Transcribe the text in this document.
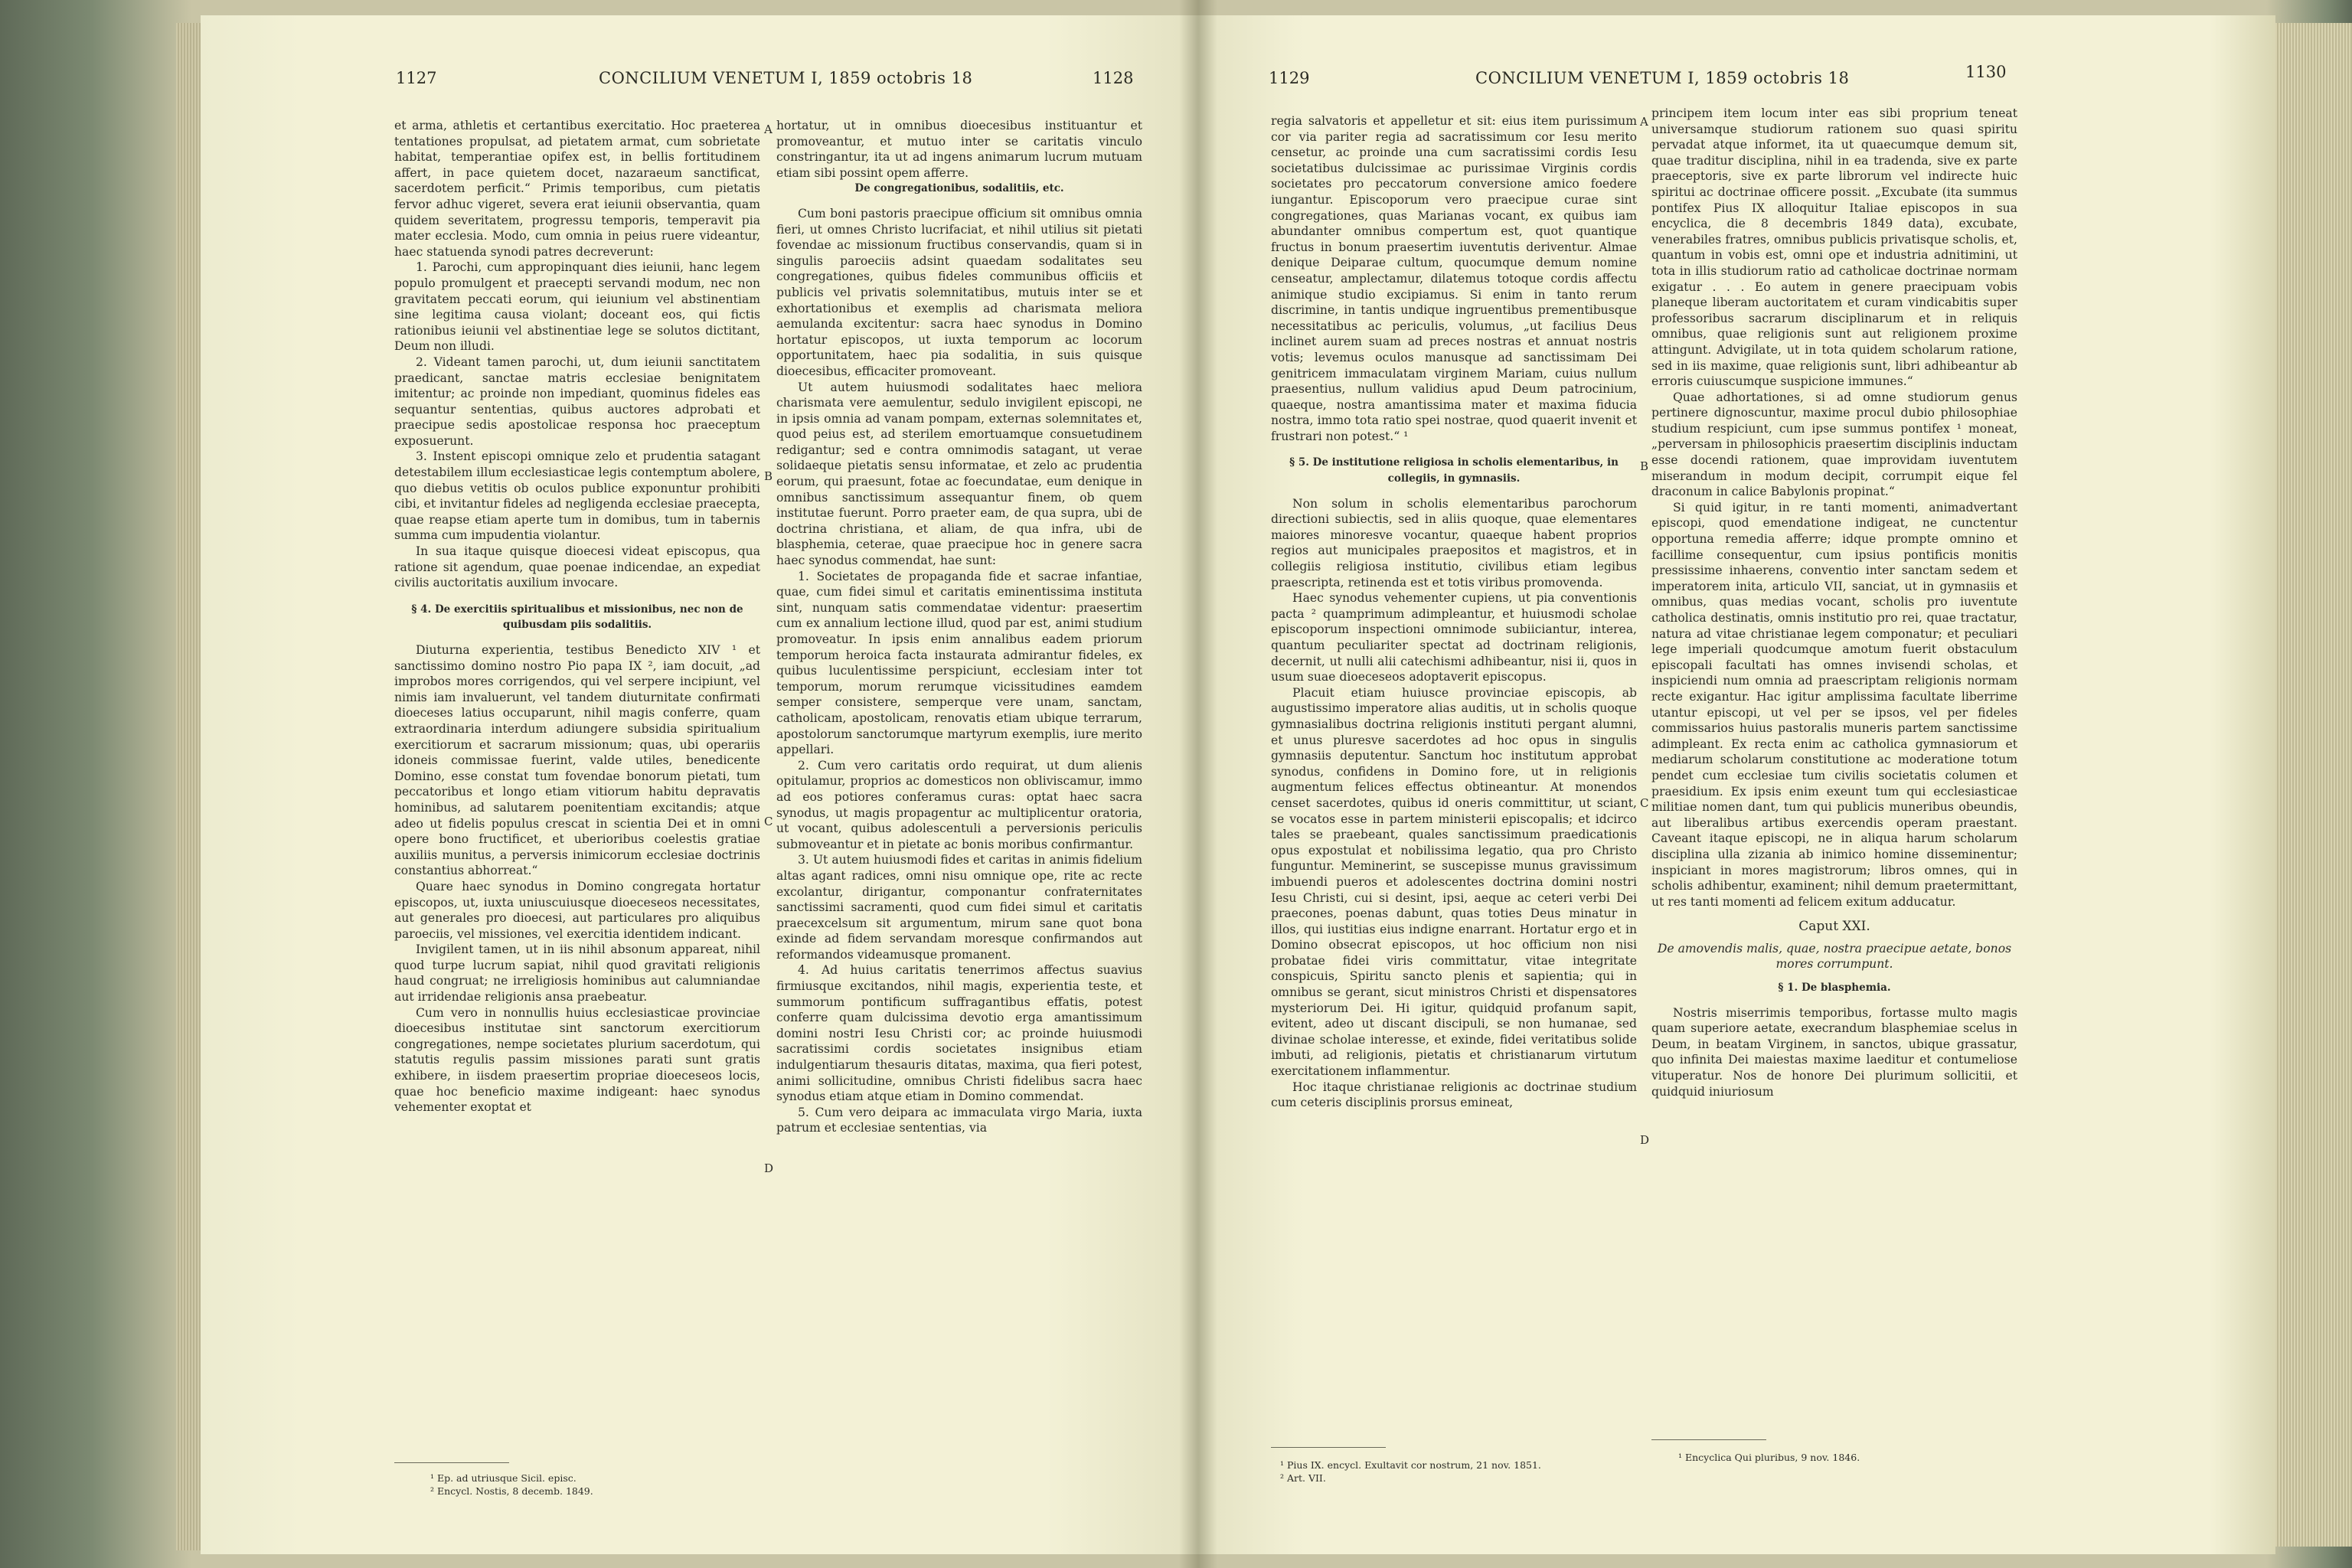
1127	CONCILIUM VENETUM I, 1859 octobris 18	1128

et arma, athletis et certantibus exercitatio. Hoc praeterea tentationes propulsat, ad pietatem armat, cum sobrietate habitat, temperantiae opifex est, in bellis fortitudinem affert, in pace quietem docet, nazaraeum sanctificat, sacerdotem perficit.“ Primis temporibus, cum pietatis fervor adhuc vigeret, severa erat ieiunii observantia, quam quidem severitatem, progressu temporis, temperavit pia mater ecclesia. Modo, cum omnia in peius ruere videantur, haec statuenda synodi patres decreverunt:

1. Parochi, cum appropinquant dies ieiunii, hanc legem populo promulgent et praecepti servandi modum, nec non gravitatem peccati eorum, qui ieiunium vel abstinentiam sine legitima causa violant; doceant eos, qui fictis rationibus ieiunii vel abstinentiae lege se solutos dictitant, Deum non illudi.

2. Videant tamen parochi, ut, dum ieiunii sanctitatem praedicant, sanctae matris ecclesiae benignitatem imitentur; ac proinde non impediant, quominus fideles eas sequantur sententias, quibus auctores adprobati et praecipue sedis apostolicae responsa hoc praeceptum exposuerunt.

3. Instent episcopi omnique zelo et prudentia satagant detestabilem illum ecclesiasticae legis contemptum abolere, quo diebus vetitis ob oculos publice exponuntur prohibiti cibi, et invitantur fideles ad negligenda ecclesiae praecepta, quae reapse etiam aperte tum in domibus, tum in tabernis summa cum impudentia violantur.

In sua itaque quisque dioecesi videat episcopus, qua ratione sit agendum, quae poenae indicendae, an expediat civilis auctoritatis auxilium invocare.

§ 4. De exercitiis spiritualibus et missionibus, nec non de quibusdam piis sodalitiis.

Diuturna experientia, testibus Benedicto XIV ¹ et sanctissimo domino nostro Pio papa IX ², iam docuit, „ad improbos mores corrigendos, qui vel serpere incipiunt, vel nimis iam invaluerunt, vel tandem diuturnitate confirmati dioeceses latius occuparunt, nihil magis conferre, quam extraordinaria interdum adiungere subsidia spiritualium exercitiorum et sacrarum missionum; quas, ubi operariis idoneis commissae fuerint, valde utiles, benedicente Domino, esse constat tum fovendae bonorum pietati, tum peccatoribus et longo etiam vitiorum habitu depravatis hominibus, ad salutarem poenitentiam excitandis; atque adeo ut fidelis populus crescat in scientia Dei et in omni opere bono fructificet, et uberioribus coelestis gratiae auxiliis munitus, a perversis inimicorum ecclesiae doctrinis constantius abhorreat.“

Quare haec synodus in Domino congregata hortatur episcopos, ut, iuxta uniuscuiusque dioeceseos necessitates, aut generales pro dioecesi, aut particulares pro aliquibus paroeciis, vel missiones, vel exercitia identidem indicant.

Invigilent tamen, ut in iis nihil absonum appareat, nihil quod turpe lucrum sapiat, nihil quod gravitati religionis haud congruat; ne irreligiosis hominibus aut calumniandae aut irridendae religionis ansa praebeatur.

Cum vero in nonnullis huius ecclesiasticae provinciae dioecesibus institutae sint sanctorum exercitiorum congregationes, nempe societates plurium sacerdotum, qui statutis regulis passim missiones parati sunt gratis exhibere, in iisdem praesertim propriae dioeceseos locis, quae hoc beneficio maxime indigeant: haec synodus vehementer exoptat et

hortatur, ut in omnibus dioecesibus instituantur et promoveantur, et mutuo inter se caritatis vinculo constringantur, ita ut ad ingens animarum lucrum mutuam etiam sibi possint opem afferre.

De congregationibus, sodalitiis, etc.

Cum boni pastoris praecipue officium sit omnibus omnia fieri, ut omnes Christo lucrifaciat, et nihil utilius sit pietati fovendae ac missionum fructibus conservandis, quam si in singulis paroeciis adsint quaedam sodalitates seu congregationes, quibus fideles communibus officiis et publicis vel privatis solemnitatibus, mutuis inter se et exhortationibus et exemplis ad charismata meliora aemulanda excitentur: sacra haec synodus in Domino hortatur episcopos, ut iuxta temporum ac locorum opportunitatem, haec pia sodalitia, in suis quisque dioecesibus, efficaciter promoveant.

Ut autem huiusmodi sodalitates haec meliora charismata vere aemulentur, sedulo invigilent episcopi, ne in ipsis omnia ad vanam pompam, externas solemnitates et, quod peius est, ad sterilem emortuamque consuetudinem redigantur; sed e contra omnimodis satagant, ut verae solidaeque pietatis sensu informatae, et zelo ac prudentia eorum, qui praesunt, fotae ac foecundatae, eum denique in omnibus sanctissimum assequantur finem, ob quem institutae fuerunt. Porro praeter eam, de qua supra, ubi de doctrina christiana, et aliam, de qua infra, ubi de blasphemia, ceterae, quae praecipue hoc in genere sacra haec synodus commendat, hae sunt:

1. Societates de propaganda fide et sacrae infantiae, quae, cum fidei simul et caritatis eminentissima instituta sint, nunquam satis commendatae videntur: praesertim cum ex annalium lectione illud, quod par est, animi studium promoveatur. In ipsis enim annalibus eadem priorum temporum heroica facta instaurata admirantur fideles, ex quibus luculentissime perspiciunt, ecclesiam inter tot temporum, morum rerumque vicissitudines eamdem semper consistere, semperque vere unam, sanctam, catholicam, apostolicam, renovatis etiam ubique terrarum, apostolorum sanctorumque martyrum exemplis, iure merito appellari.

2. Cum vero caritatis ordo requirat, ut dum alienis opitulamur, proprios ac domesticos non obliviscamur, immo ad eos potiores conferamus curas: optat haec sacra synodus, ut magis propagentur ac multiplicentur oratoria, ut vocant, quibus adolescentuli a perversionis periculis submoveantur et in pietate ac bonis moribus confirmantur.

3. Ut autem huiusmodi fides et caritas in animis fidelium altas agant radices, omni nisu omnique ope, rite ac recte excolantur, dirigantur, componantur confraternitates sanctissimi sacramenti, quod cum fidei simul et caritatis praecexcelsum sit argumentum, mirum sane quot bona exinde ad fidem servandam moresque confirmandos aut reformandos videamusque promanent.

4. Ad huius caritatis tenerrimos affectus suavius firmiusque excitandos, nihil magis, experientia teste, et summorum pontificum suffragantibus effatis, potest conferre quam dulcissima devotio erga amantissimum domini nostri Iesu Christi cor; ac proinde huiusmodi sacratissimi cordis societates insignibus etiam indulgentiarum thesauris ditatas, maxima, qua fieri potest, animi sollicitudine, omnibus Christi fidelibus sacra haec synodus etiam atque etiam in Domino commendat.

5. Cum vero deipara ac immaculata virgo Maria, iuxta patrum et ecclesiae sententias, via

A
B
C
D
¹ Ep. ad utriusque Sicil. episc.
² Encycl. Nostis, 8 decemb. 1849.
1129	CONCILIUM VENETUM I, 1859 octobris 18	1130

regia salvatoris et appelletur et sit: eius item purissimum cor via pariter regia ad sacratissimum cor Iesu merito censetur, ac proinde una cum sacratissimi cordis Iesu societatibus dulcissimae ac purissimae Virginis cordis societates pro peccatorum conversione amico foedere iungantur. Episcoporum vero praecipue curae sint congregationes, quas Marianas vocant, ex quibus iam abundanter omnibus compertum est, quot quantique fructus in bonum praesertim iuventutis deriventur. Almae denique Deiparae cultum, quocumque demum nomine censeatur, amplectamur, dilatemus totoque cordis affectu animique studio excipiamus. Si enim in tanto rerum discrimine, in tantis undique ingruentibus prementibusque necessitatibus ac periculis, volumus, „ut facilius Deus inclinet aurem suam ad preces nostras et annuat nostris votis; levemus oculos manusque ad sanctissimam Dei genitricem immaculatam virginem Mariam, cuius nullum praesentius, nullum validius apud Deum patrocinium, quaeque, nostra amantissima mater et maxima fiducia nostra, immo tota ratio spei nostrae, quod quaerit invenit et frustrari non potest.“ ¹

§ 5. De institutione religiosa in scholis elementaribus, in collegiis, in gymnasiis.

Non solum in scholis elementaribus parochorum directioni subiectis, sed in aliis quoque, quae elementares maiores minoresve vocantur, quaeque habent proprios regios aut municipales praepositos et magistros, et in collegiis religiosa institutio, civilibus etiam legibus praescripta, retinenda est et totis viribus promovenda.

Haec synodus vehementer cupiens, ut pia conventionis pacta ² quamprimum adimpleantur, et huiusmodi scholae episcoporum inspectioni omnimode subiiciantur, interea, quantum peculiariter spectat ad doctrinam religionis, decernit, ut nulli alii catechismi adhibeantur, nisi ii, quos in usum suae dioeceseos adoptaverit episcopus.

Placuit etiam huiusce provinciae episcopis, ab augustissimo imperatore alias auditis, ut in scholis quoque gymnasialibus doctrina religionis instituti pergant alumni, et unus pluresve sacerdotes ad hoc opus in singulis gymnasiis deputentur. Sanctum hoc institutum approbat synodus, confidens in Domino fore, ut in religionis augmentum felices effectus obtineantur. At monendos censet sacerdotes, quibus id oneris committitur, ut sciant, se vocatos esse in partem ministerii episcopalis; et idcirco tales se praebeant, quales sanctissimum praedicationis opus expostulat et nobilissima legatio, qua pro Christo funguntur. Meminerint, se suscepisse munus gravissimum imbuendi pueros et adolescentes doctrina domini nostri Iesu Christi, cui si desint, ipsi, aeque ac ceteri verbi Dei praecones, poenas dabunt, quas toties Deus minatur in illos, qui iustitias eius indigne enarrant. Hortatur ergo et in Domino obsecrat episcopos, ut hoc officium non nisi probatae fidei viris committatur, vitae integritate conspicuis, Spiritu sancto plenis et sapientia; qui in omnibus se gerant, sicut ministros Christi et dispensatores mysteriorum Dei. Hi igitur, quidquid profanum sapit, evitent, adeo ut discant discipuli, se non humanae, sed divinae scholae interesse, et exinde, fidei veritatibus solide imbuti, ad religionis, pietatis et christianarum virtutum exercitationem inflammentur.

Hoc itaque christianae religionis ac doctrinae studium cum ceteris disciplinis prorsus emineat,

principem item locum inter eas sibi proprium teneat universamque studiorum rationem suo quasi spiritu pervadat atque informet, ita ut quaecumque demum sit, quae traditur disciplina, nihil in ea tradenda, sive ex parte praeceptoris, sive ex parte librorum vel indirecte huic spiritui ac doctrinae officere possit. „Excubate (ita summus pontifex Pius IX alloquitur Italiae episcopos in sua encyclica, die 8 decembris 1849 data), excubate, venerabiles fratres, omnibus publicis privatisque scholis, et, quantum in vobis est, omni ope et industria adnitimini, ut tota in illis studiorum ratio ad catholicae doctrinae normam exigatur . . . Eo autem in genere praecipuam vobis planeque liberam auctoritatem et curam vindicabitis super professoribus sacrarum disciplinarum et in reliquis omnibus, quae religionis sunt aut religionem proxime attingunt. Advigilate, ut in tota quidem scholarum ratione, sed in iis maxime, quae religionis sunt, libri adhibeantur ab erroris cuiuscumque suspicione immunes.“

Quae adhortationes, si ad omne studiorum genus pertinere dignoscuntur, maxime procul dubio philosophiae studium respiciunt, cum ipse summus pontifex ¹ moneat, „perversam in philosophicis praesertim disciplinis inductam esse docendi rationem, quae improvidam iuventutem miserandum in modum decipit, corrumpit eique fel draconum in calice Babylonis propinat.“

Si quid igitur, in re tanti momenti, animadvertant episcopi, quod emendatione indigeat, ne cunctentur opportuna remedia afferre; idque prompte omnino et facillime consequentur, cum ipsius pontificis monitis pressissime inhaerens, conventio inter sanctam sedem et imperatorem inita, articulo VII, sanciat, ut in gymnasiis et omnibus, quas medias vocant, scholis pro iuventute catholica destinatis, omnis institutio pro rei, quae tractatur, natura ad vitae christianae legem componatur; et peculiari lege imperiali quodcumque amotum fuerit obstaculum episcopali facultati has omnes invisendi scholas, et inspiciendi num omnia ad praescriptam religionis normam recte exigantur. Hac igitur amplissima facultate liberrime utantur episcopi, ut vel per se ipsos, vel per fideles commissarios huius pastoralis muneris partem sanctissime adimpleant. Ex recta enim ac catholica gymnasiorum et mediarum scholarum constitutione ac moderatione totum pendet cum ecclesiae tum civilis societatis columen et praesidium. Ex ipsis enim exeunt tum qui ecclesiasticae militiae nomen dant, tum qui publicis muneribus obeundis, aut liberalibus artibus exercendis operam praestant. Caveant itaque episcopi, ne in aliqua harum scholarum disciplina ulla zizania ab inimico homine disseminentur; inspiciant in mores magistrorum; libros omnes, qui in scholis adhibentur, examinent; nihil demum praetermittant, ut res tanti momenti ad felicem exitum adducatur.

Caput XXI.

De amovendis malis, quae, nostra praecipue aetate, bonos mores corrumpunt.

§ 1. De blasphemia.

Nostris miserrimis temporibus, fortasse multo magis quam superiore aetate, execrandum blasphemiae scelus in Deum, in beatam Virginem, in sanctos, ubique grassatur, quo infinita Dei maiestas maxime laeditur et contumeliose vituperatur. Nos de honore Dei plurimum sollicitii, et quidquid iniuriosum

A
B
C
D
¹ Pius IX. encycl. Exultavit cor nostrum, 21 nov. 1851.
² Art. VII.
¹ Encyclica Qui pluribus, 9 nov. 1846.
